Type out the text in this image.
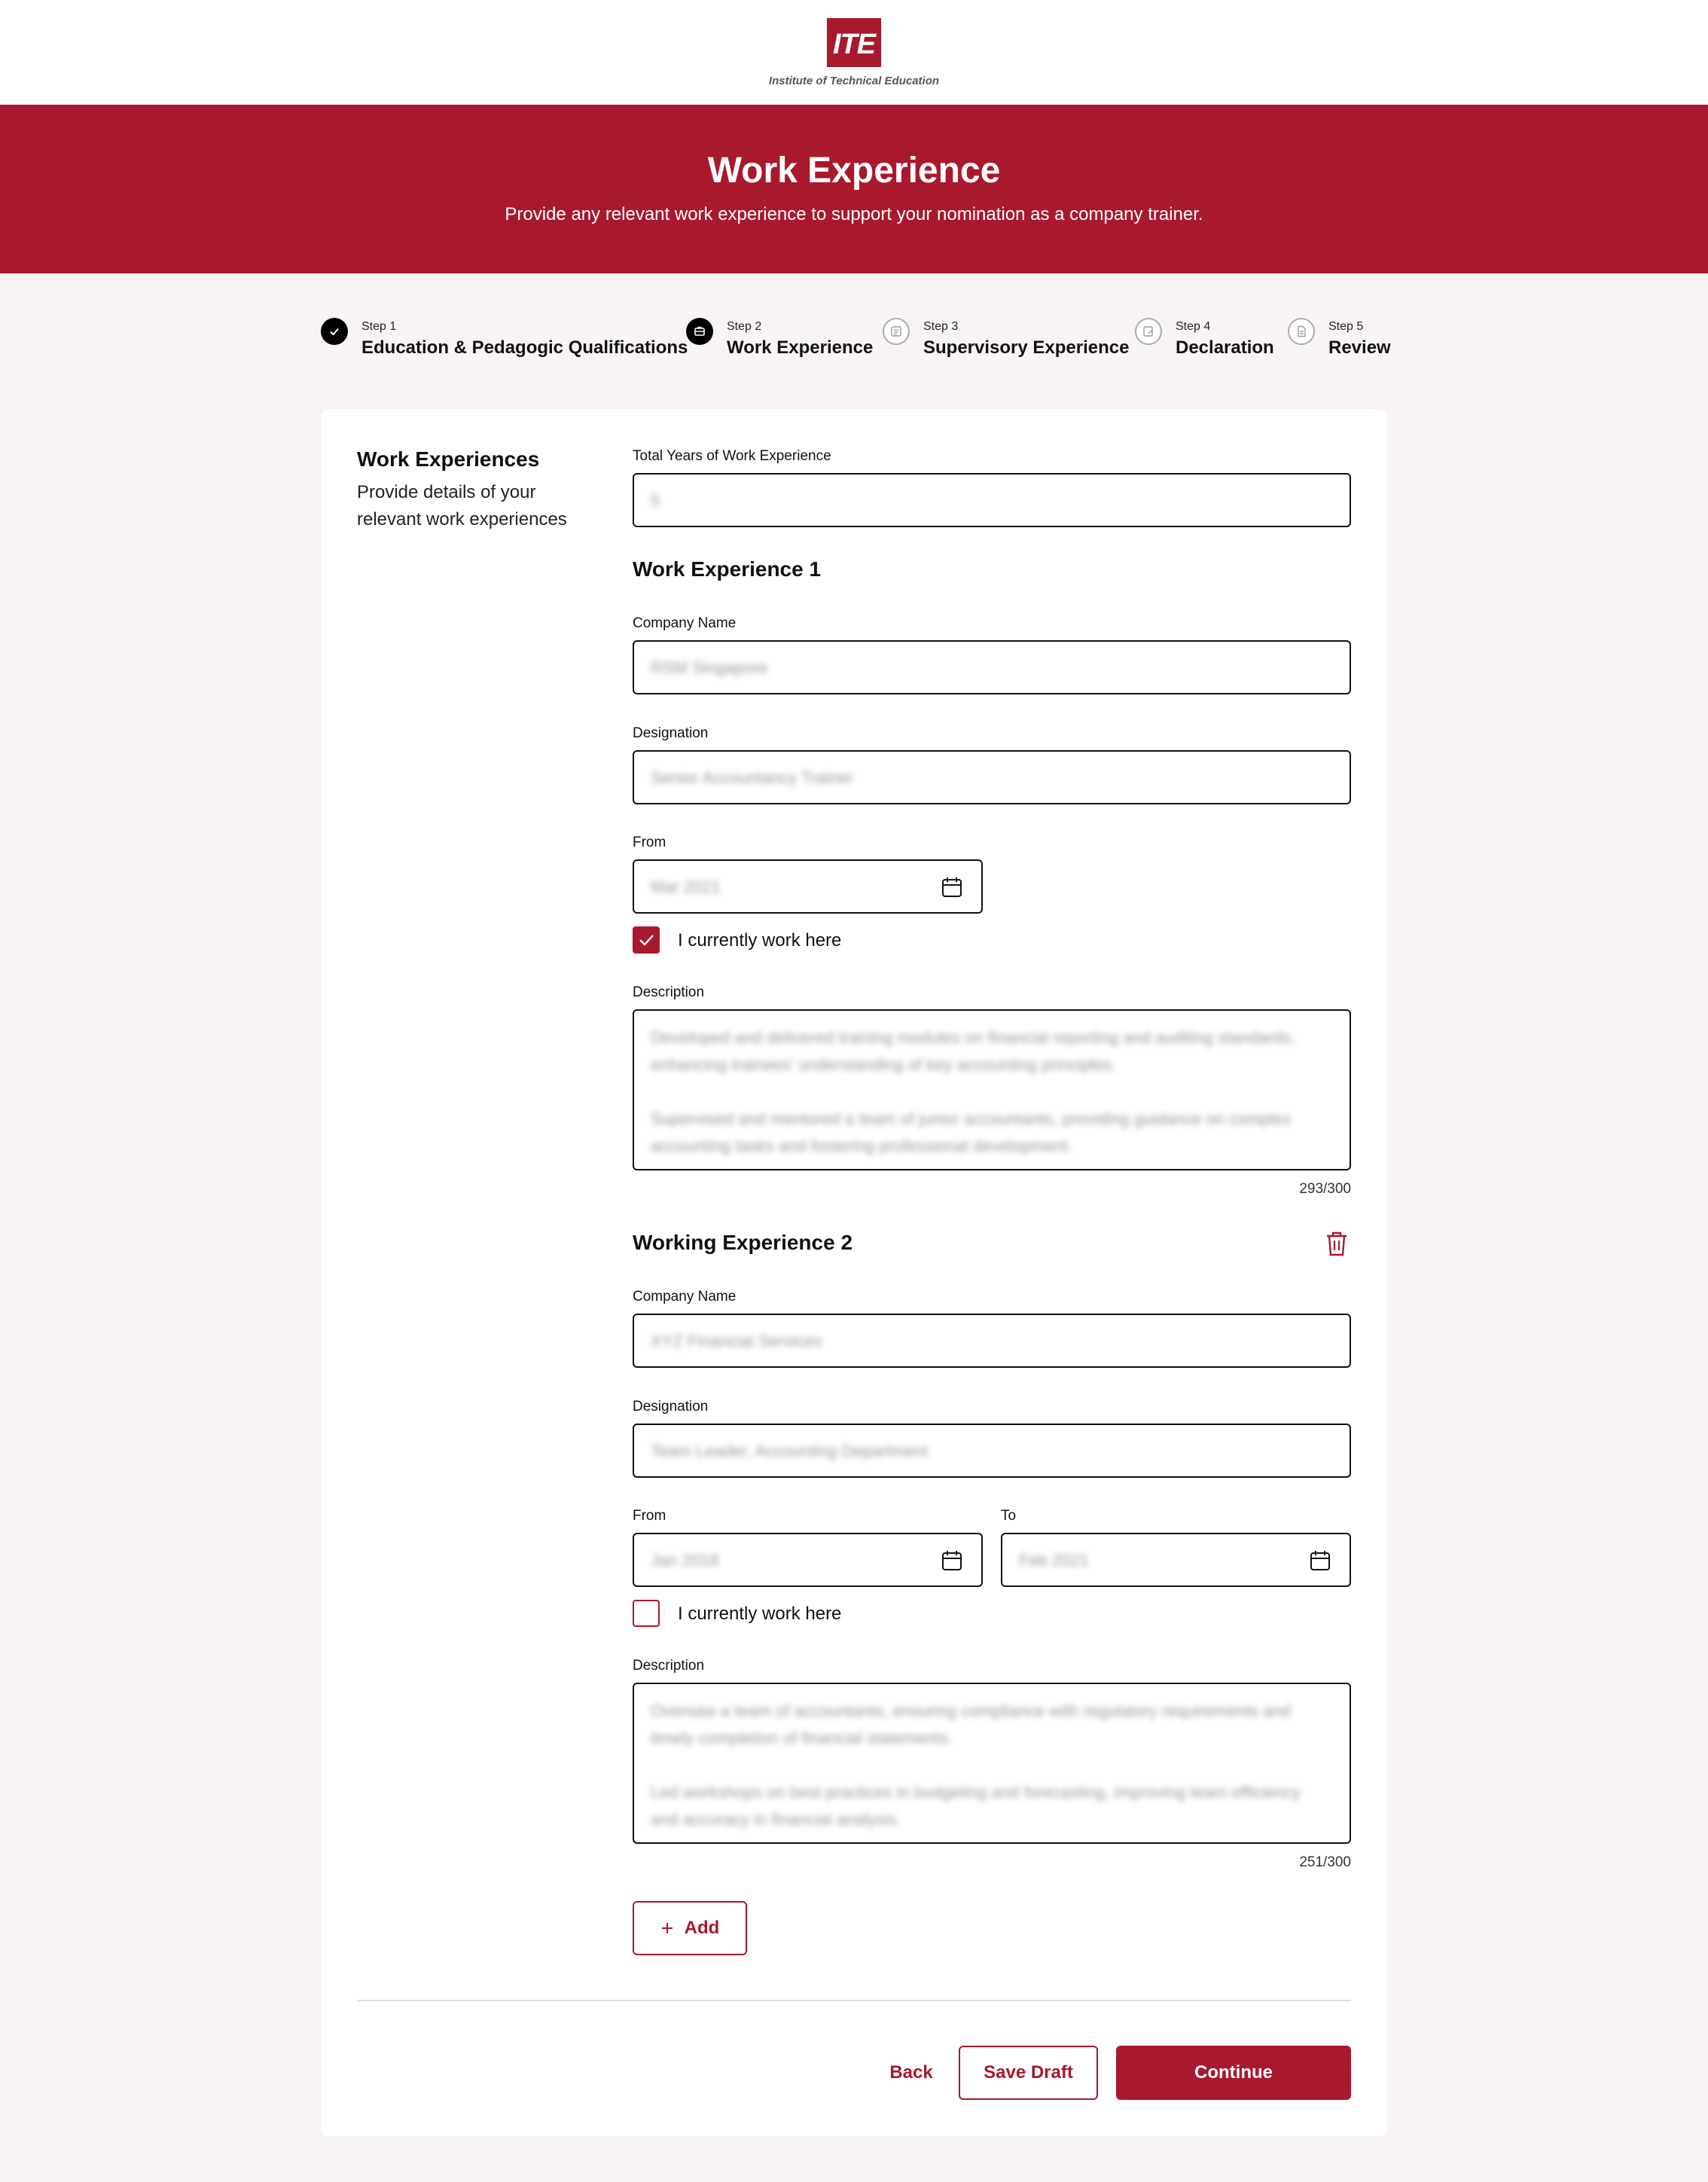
ITE
Institute of Technical Education
Work Experience

Provide any relevant work experience to support your nomination as a company trainer.

Step 1
Education & Pedagogic Qualifications
Step 2
Work Experience
Step 3
Supervisory Experience
Step 4
Declaration
Step 5
Review
Work Experiences
Provide details of your relevant work experiences
Total Years of Work Experience
5
Work Experience 1
Company Name
RSM Singapore
Designation
Senior Accountancy Trainer
From
Mar 2021
I currently work here
Description
Developed and delivered training modules on financial reporting and auditing standards, enhancing trainees' understanding of key accounting principles.

Supervised and mentored a team of junior accountants, providing guidance on complex accounting tasks and fostering professional development.
293/300
Working Experience 2
Company Name
XYZ Financial Services
Designation
Team Leader, Accounting Department
From
Jan 2018
To
Feb 2021
I currently work here
Description
Oversaw a team of accountants, ensuring compliance with regulatory requirements and timely completion of financial statements.

Led workshops on best practices in budgeting and forecasting, improving team efficiency and accuracy in financial analysis.
251/300
Add
Back	Save Draft	Continue
